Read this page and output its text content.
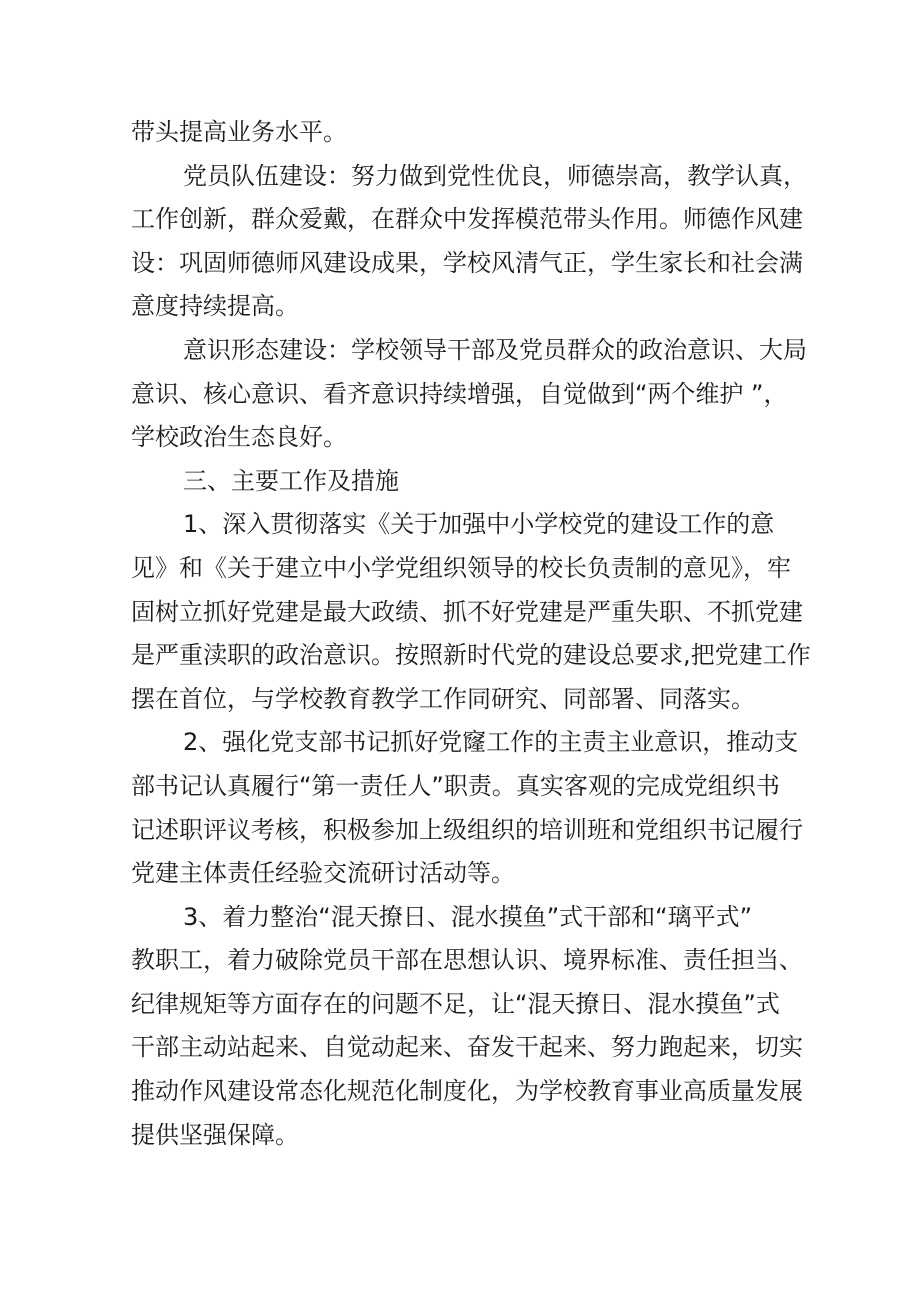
带头提高业务水平。
党员队伍建设：努力做到党性优良，师德崇高，教学认真，
工作创新，群众爱戴，在群众中发挥模范带头作用。师德作风建
设：巩固师德师风建设成果，学校风清气正，学生家长和社会满
意度持续提高。
意识形态建设：学校领导干部及党员群众的政治意识、大局
意识、核心意识、看齐意识持续增强，自觉做到“两个维护 ”，
学校政治生态良好。
三、主要工作及措施
1、深入贯彻落实《关于加强中小学校党的建设工作的意
见》和《关于建立中小学党组织领导的校长负责制的意见》，牢
固树立抓好党建是最大政绩、抓不好党建是严重失职、不抓党建
是严重渎职的政治意识。按照新时代党的建设总要求,把党建工作
摆在首位，与学校教育教学工作同研究、同部署、同落实。
2、强化党支部书记抓好党窿工作的主责主业意识，推动支
部书记认真履行“第一责任人”职责。真实客观的完成党组织书
记述职评议考核，积极参加上级组织的培训班和党组织书记履行
党建主体责任经验交流研讨活动等。
3、着力整治“混天撩日、混水摸鱼”式干部和“璃平式”
教职工，着力破除党员干部在思想认识、境界标准、责任担当、
纪律规矩等方面存在的问题不足，让“混天撩日、混水摸鱼”式
干部主动站起来、自觉动起来、奋发干起来、努力跑起来，切实
推动作风建设常态化规范化制度化，为学校教育事业高质量发展
提供坚强保障。
